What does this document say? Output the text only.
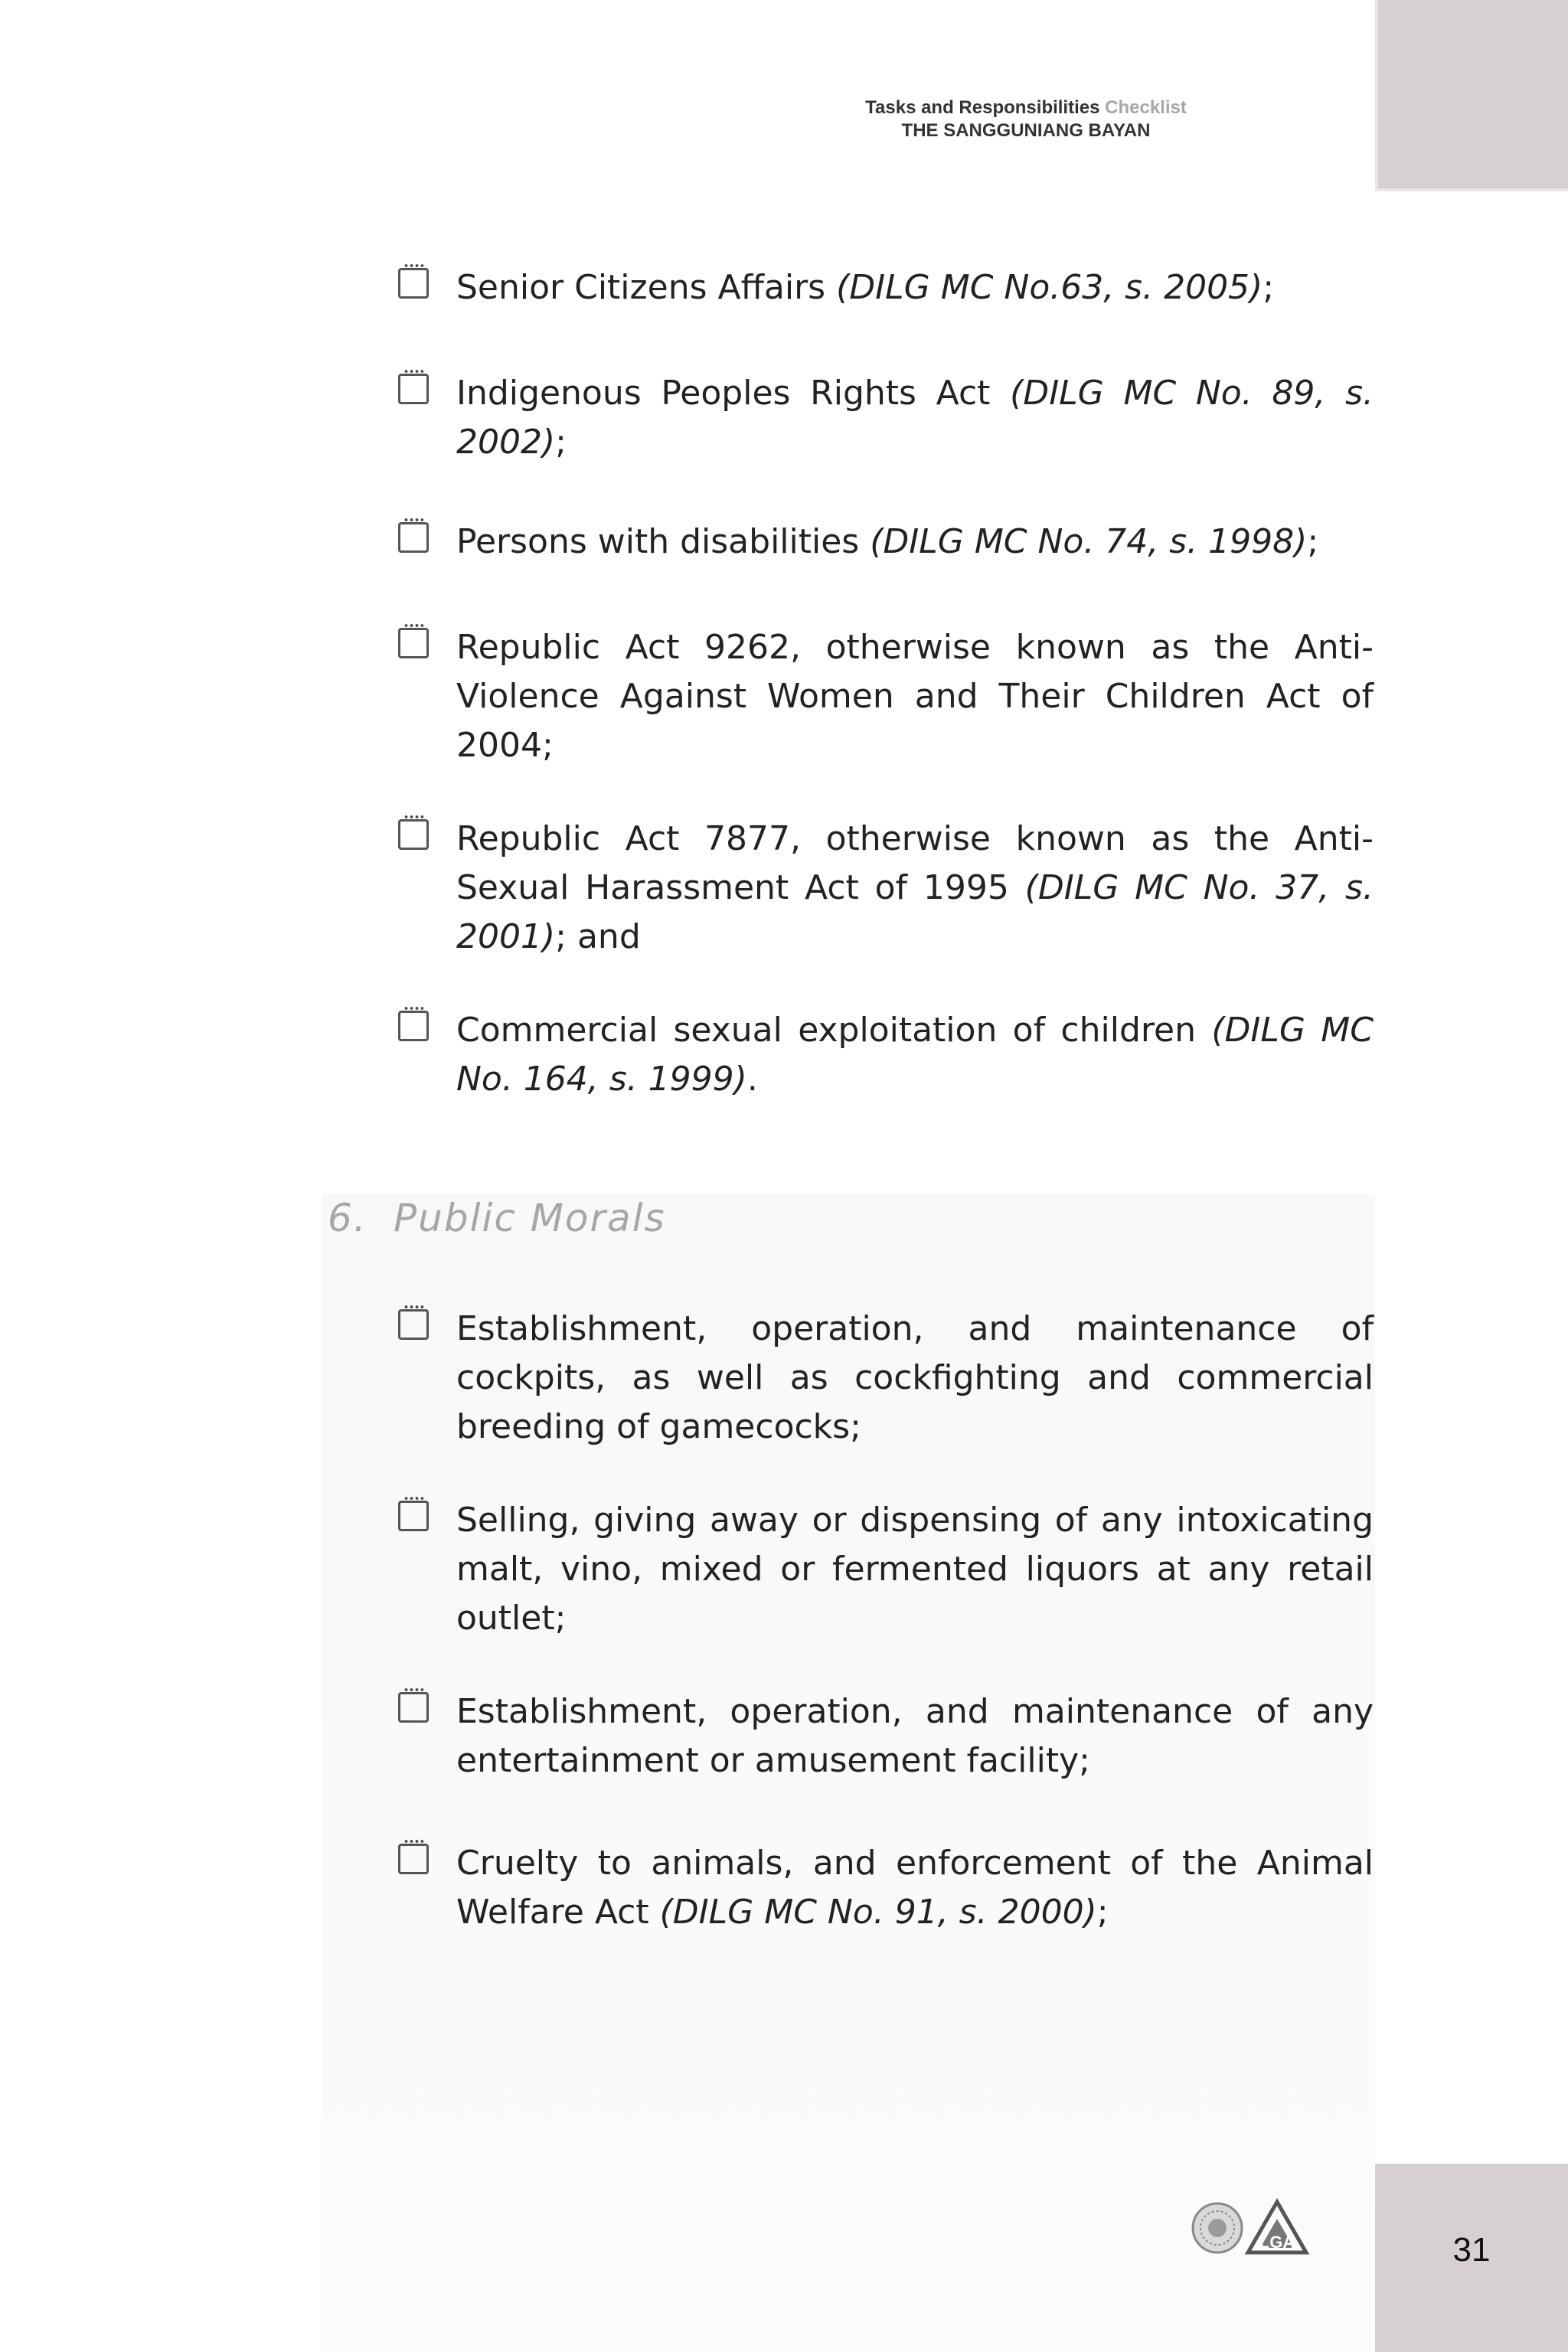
Tasks and Responsibilities Checklist
THE SANGGUNIANG BAYAN
Senior Citizens Affairs (DILG MC No.63, s. 2005);
Indigenous Peoples Rights Act (DILG MC No. 89, s. 2002);
Persons with disabilities (DILG MC No. 74, s. 1998);
Republic Act 9262, otherwise known as the Anti-Violence Against Women and Their Children Act of 2004;
Republic Act 7877, otherwise known as the Anti-Sexual Harassment Act of 1995 (DILG MC No. 37, s. 2001); and
Commercial sexual exploitation of children (DILG MC No. 164, s. 1999).
6. Public Morals
Establishment, operation, and maintenance of cockpits, as well as cockfighting and commercial breeding of gamecocks;
Selling, giving away or dispensing of any intoxicating malt, vino, mixed or fermented liquors at any retail outlet;
Establishment, operation, and maintenance of any entertainment or amusement facility;
Cruelty to animals, and enforcement of the Animal Welfare Act (DILG MC No. 91, s. 2000);
LGA	31
